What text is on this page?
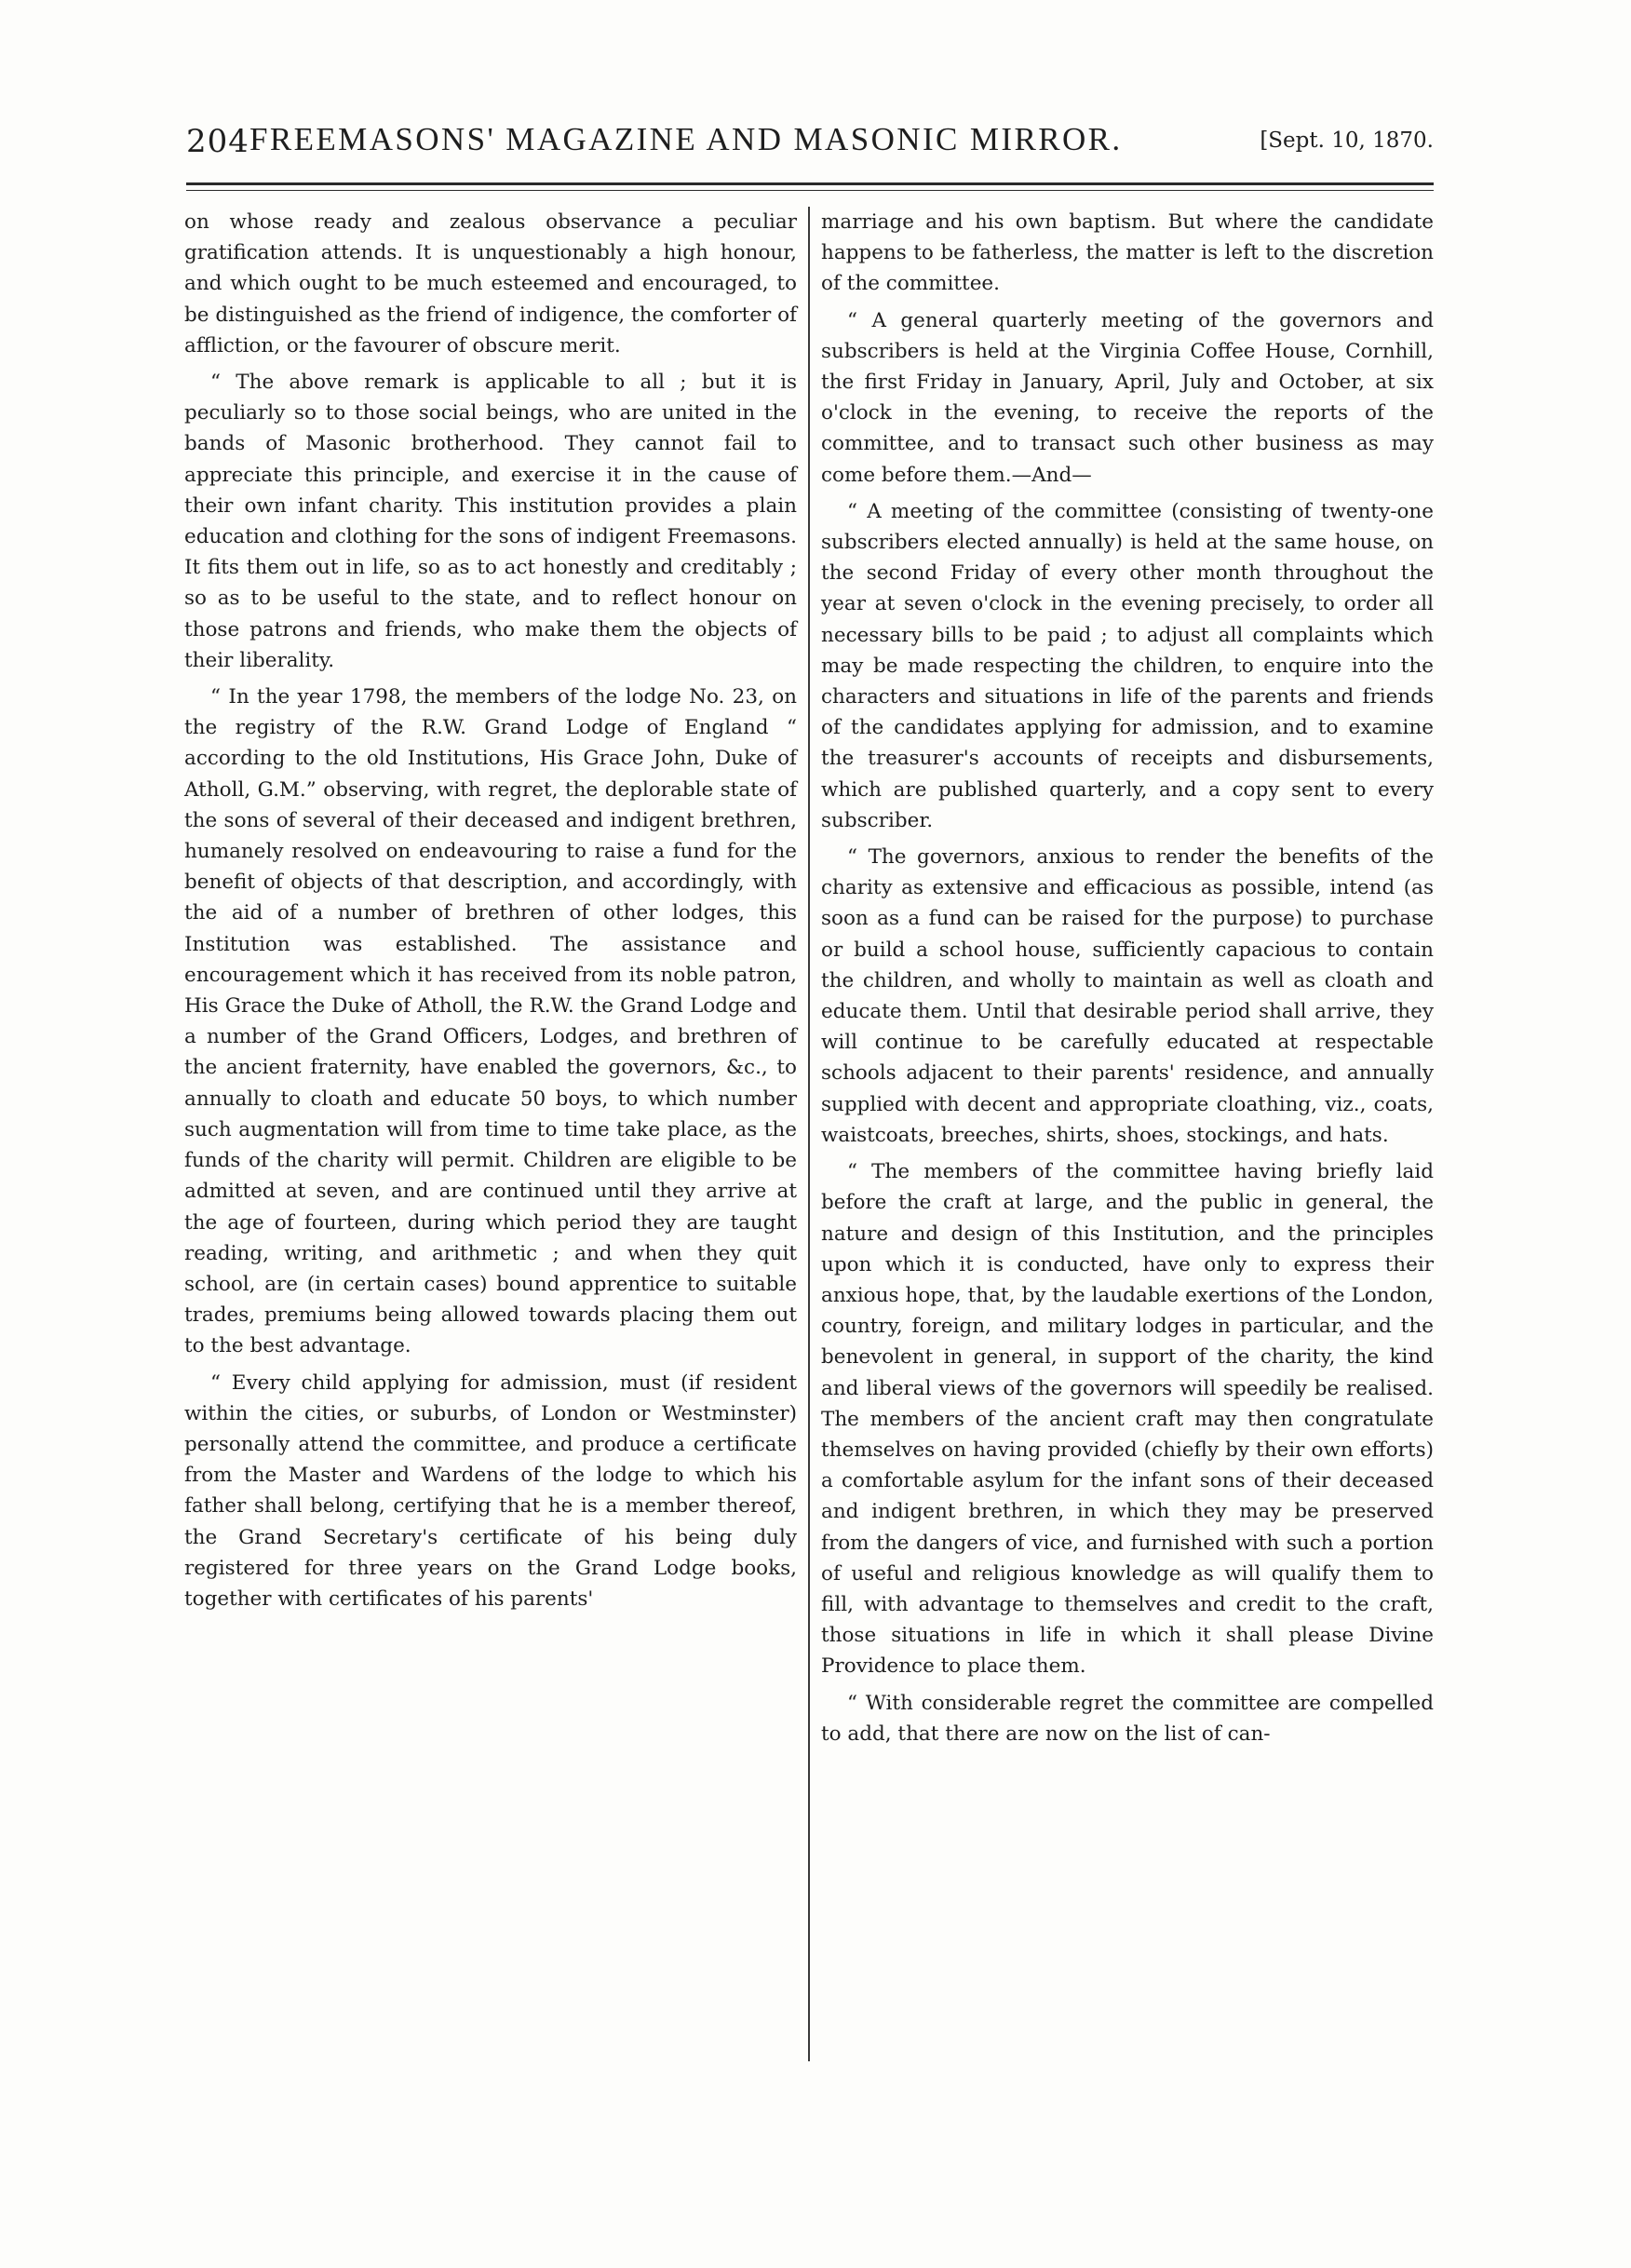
204 FREEMASONS' MAGAZINE AND MASONIC MIRROR.	[Sept. 10, 1870.

on whose ready and zealous observance a peculiar gratification attends. It is unquestionably a high honour, and which ought to be much esteemed and encouraged, to be distinguished as the friend of indigence, the comforter of affliction, or the favourer of obscure merit.

“ The above remark is applicable to all ; but it is peculiarly so to those social beings, who are united in the bands of Masonic brotherhood. They cannot fail to appreciate this principle, and exercise it in the cause of their own infant charity. This institution provides a plain education and clothing for the sons of indigent Freemasons. It fits them out in life, so as to act honestly and creditably ; so as to be useful to the state, and to reflect honour on those patrons and friends, who make them the objects of their liberality.

“ In the year 1798, the members of the lodge No. 23, on the registry of the R.W. Grand Lodge of England “ according to the old Institutions, His Grace John, Duke of Atholl, G.M.” observing, with regret, the deplorable state of the sons of several of their deceased and indigent brethren, humanely resolved on endeavouring to raise a fund for the benefit of objects of that description, and accordingly, with the aid of a number of brethren of other lodges, this Institution was established. The assistance and encouragement which it has received from its noble patron, His Grace the Duke of Atholl, the R.W. the Grand Lodge and a number of the Grand Officers, Lodges, and brethren of the ancient fraternity, have enabled the governors, &c., to annually to cloath and educate 50 boys, to which number such augmentation will from time to time take place, as the funds of the charity will permit. Children are eligible to be admitted at seven, and are continued until they arrive at the age of fourteen, during which period they are taught reading, writing, and arithmetic ; and when they quit school, are (in certain cases) bound apprentice to suitable trades, premiums being allowed towards placing them out to the best advantage.

“ Every child applying for admission, must (if resident within the cities, or suburbs, of London or Westminster) personally attend the committee, and produce a certificate from the Master and Wardens of the lodge to which his father shall belong, certifying that he is a member thereof, the Grand Secretary's certificate of his being duly registered for three years on the Grand Lodge books, together with certificates of his parents'

marriage and his own baptism. But where the candidate happens to be fatherless, the matter is left to the discretion of the committee.

“ A general quarterly meeting of the governors and subscribers is held at the Virginia Coffee House, Cornhill, the first Friday in January, April, July and October, at six o'clock in the evening, to receive the reports of the committee, and to transact such other business as may come before them.—And—

“ A meeting of the committee (consisting of twenty-one subscribers elected annually) is held at the same house, on the second Friday of every other month throughout the year at seven o'clock in the evening precisely, to order all necessary bills to be paid ; to adjust all complaints which may be made respecting the children, to enquire into the characters and situations in life of the parents and friends of the candidates applying for admission, and to examine the treasurer's accounts of receipts and disbursements, which are published quarterly, and a copy sent to every subscriber.

“ The governors, anxious to render the benefits of the charity as extensive and efficacious as possible, intend (as soon as a fund can be raised for the purpose) to purchase or build a school house, sufficiently capacious to contain the children, and wholly to maintain as well as cloath and educate them. Until that desirable period shall arrive, they will continue to be carefully educated at respectable schools adjacent to their parents' residence, and annually supplied with decent and appropriate cloathing, viz., coats, waistcoats, breeches, shirts, shoes, stockings, and hats.

“ The members of the committee having briefly laid before the craft at large, and the public in general, the nature and design of this Institution, and the principles upon which it is conducted, have only to express their anxious hope, that, by the laudable exertions of the London, country, foreign, and military lodges in particular, and the benevolent in general, in support of the charity, the kind and liberal views of the governors will speedily be realised. The members of the ancient craft may then congratulate themselves on having provided (chiefly by their own efforts) a comfortable asylum for the infant sons of their deceased and indigent brethren, in which they may be preserved from the dangers of vice, and furnished with such a portion of useful and religious knowledge as will qualify them to fill, with advantage to themselves and credit to the craft, those situations in life in which it shall please Divine Providence to place them.

“ With considerable regret the committee are compelled to add, that there are now on the list of can-
